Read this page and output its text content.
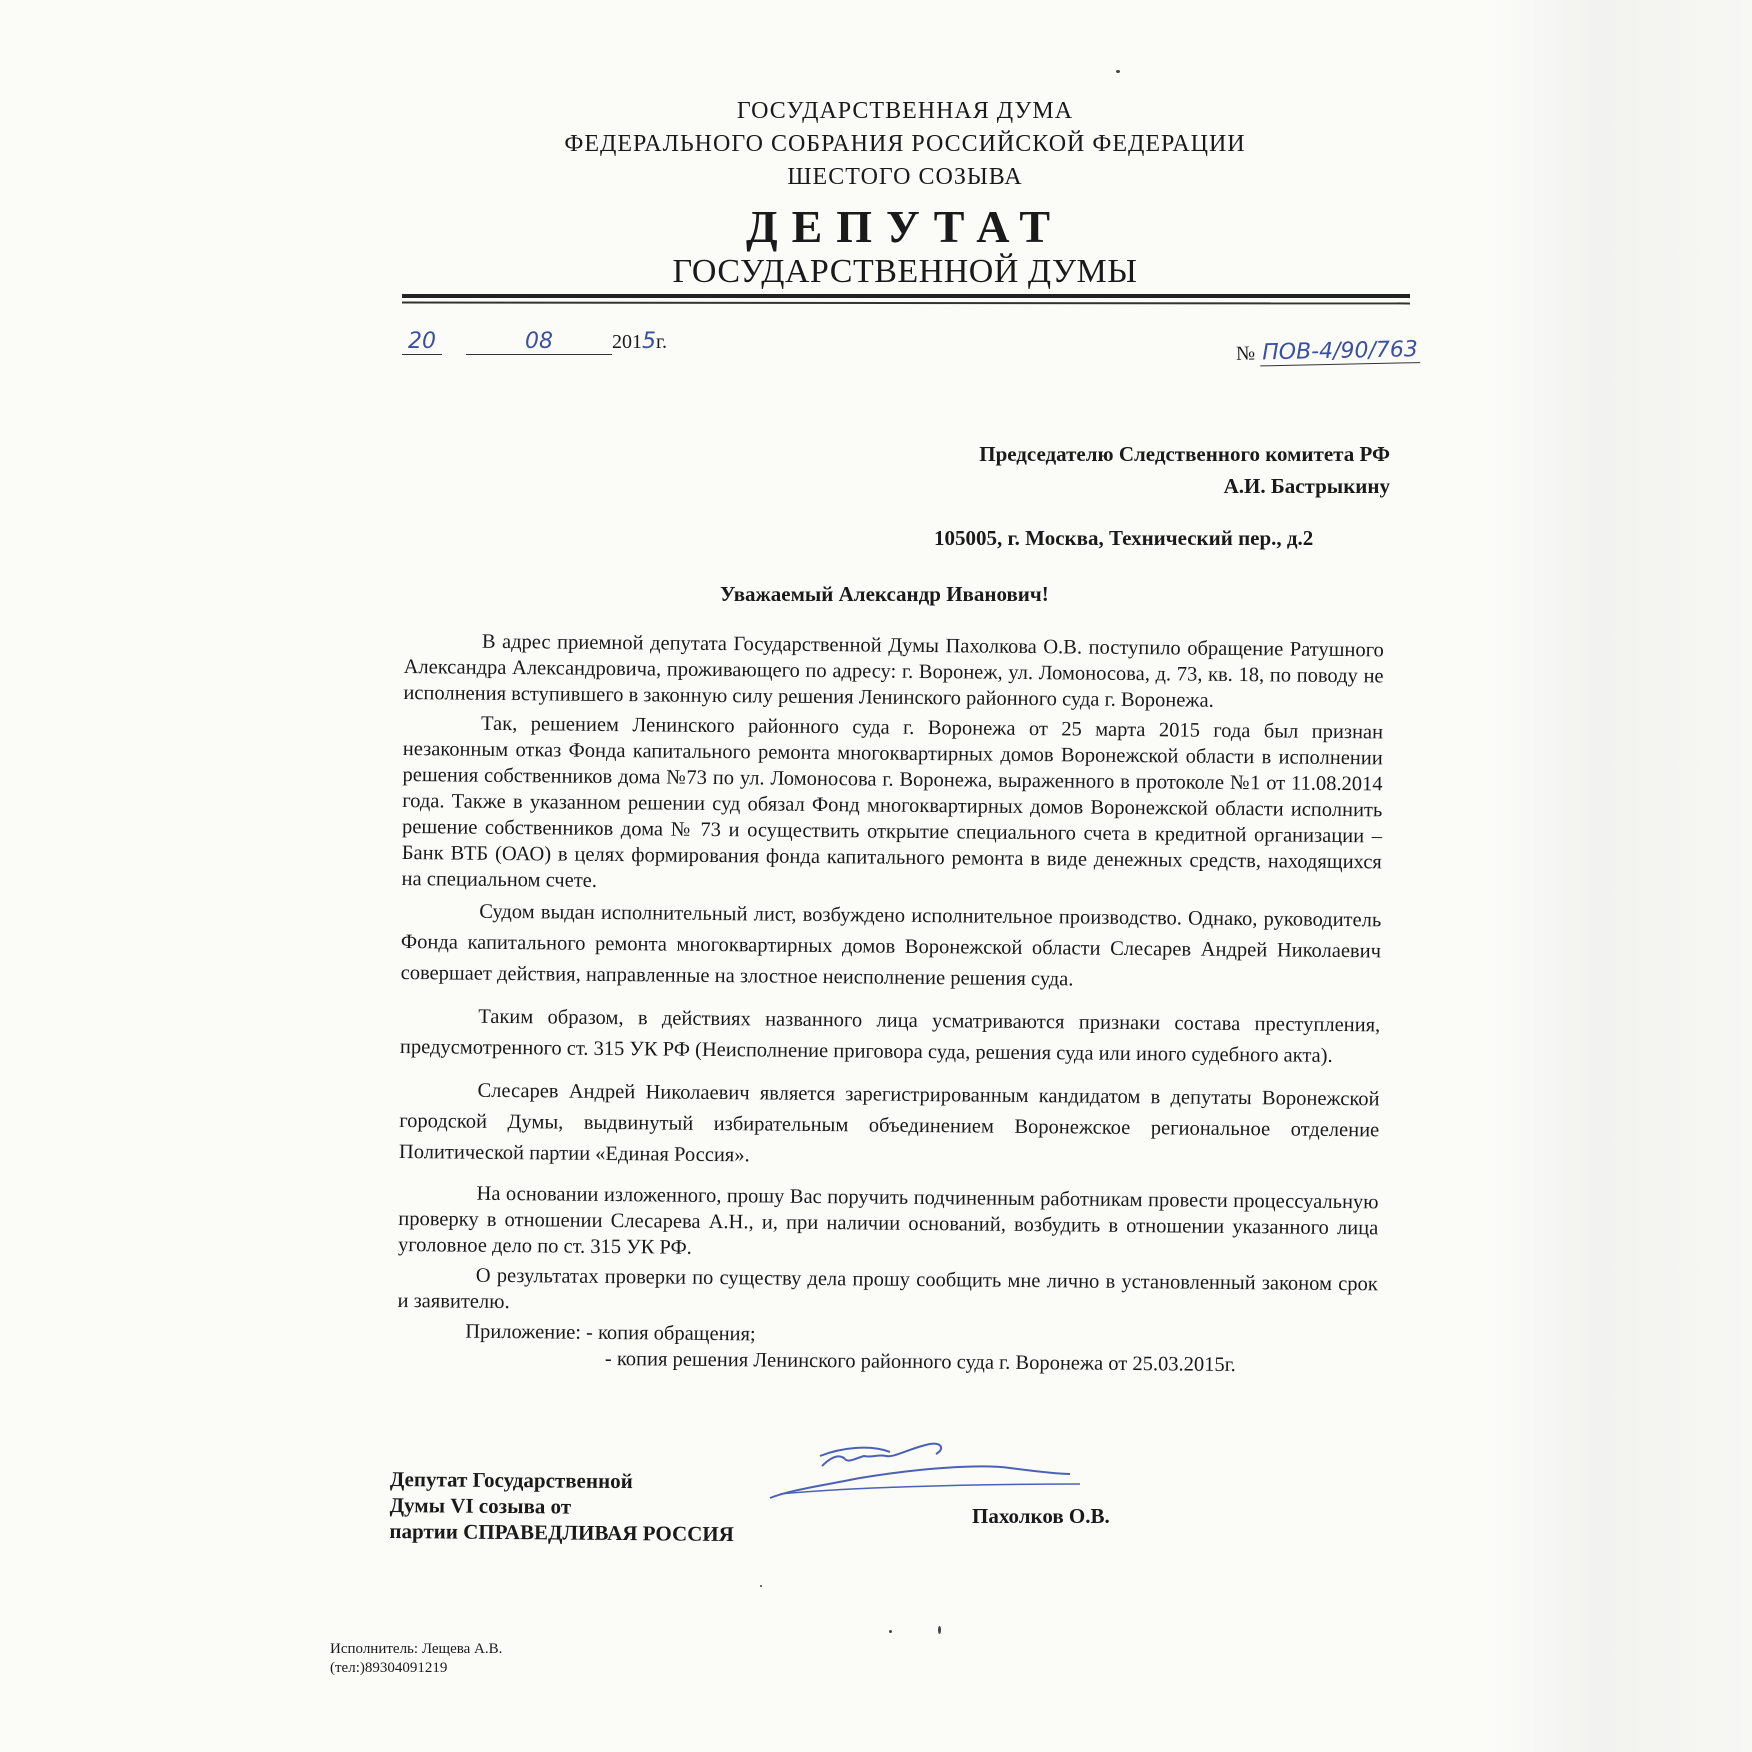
ГОСУДАРСТВЕННАЯ ДУМА
ФЕДЕРАЛЬНОГО СОБРАНИЯ РОССИЙСКОЙ ФЕДЕРАЦИИ
ШЕСТОГО СОЗЫВА
ДЕПУТАТ
ГОСУДАРСТВЕННОЙ ДУМЫ
20	08	2015г.
№ ПОВ-4/90/763
Председателю Следственного комитета РФ
А.И. Бастрыкину
105005, г. Москва, Технический пер., д.2
Уважаемый Александр Иванович!

В адрес приемной депутата Государственной Думы Пахолкова О.В. поступило обращение Ратушного Александра Александровича, проживающего по адресу: г. Воронеж, ул. Ломоносова, д. 73, кв. 18, по поводу не исполнения вступившего в законную силу решения Ленинского районного суда г. Воронежа.

Так, решением Ленинского районного суда г. Воронежа от 25 марта 2015 года был признан незаконным отказ Фонда капитального ремонта многоквартирных домов Воронежской области в исполнении решения собственников дома №73 по ул. Ломоносова г. Воронежа, выраженного в протоколе №1 от 11.08.2014 года. Также в указанном решении суд обязал Фонд многоквартирных домов Воронежской области исполнить решение собственников дома № 73 и осуществить открытие специального счета в кредитной организации – Банк ВТБ (ОАО) в целях формирования фонда капитального ремонта в виде денежных средств, находящихся на специальном счете.

Судом выдан исполнительный лист, возбуждено исполнительное производство. Однако, руководитель Фонда капитального ремонта многоквартирных домов Воронежской области Слесарев Андрей Николаевич совершает действия, направленные на злостное неисполнение решения суда.

Таким образом, в действиях названного лица усматриваются признаки состава преступления, предусмотренного ст. 315 УК РФ (Неисполнение приговора суда, решения суда или иного судебного акта).

Слесарев Андрей Николаевич является зарегистрированным кандидатом в депутаты Воронежской городской Думы, выдвинутый избирательным объединением Воронежское региональное отделение Политической партии «Единая Россия».

На основании изложенного, прошу Вас поручить подчиненным работникам провести процессуальную проверку в отношении Слесарева А.Н., и, при наличии оснований, возбудить в отношении указанного лица уголовное дело по ст. 315 УК РФ.

О результатах проверки по существу дела прошу сообщить мне лично в установленный законом срок и заявителю.

Приложение: - копия обращения;
- копия решения Ленинского районного суда г. Воронежа от 25.03.2015г.
Депутат Государственной
Думы VI созыва от
партии СПРАВЕДЛИВАЯ РОССИЯ
Пахолков О.В.
Исполнитель: Лещева А.В.
(тел:)89304091219
